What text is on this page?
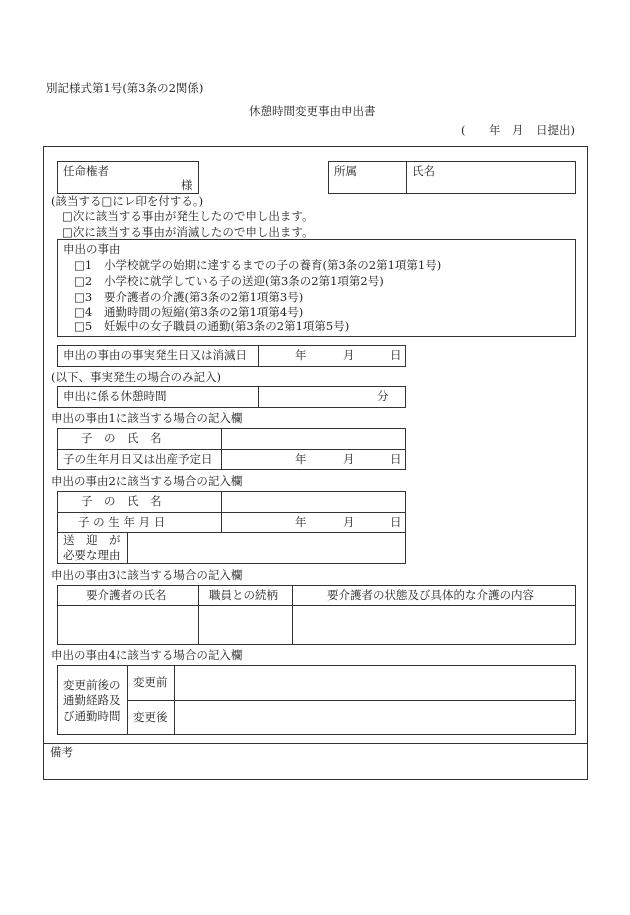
別記様式第1号(第3条の2関係)
休憩時間変更事由申出書
( 年 月 日提出)
任命権者
様
所属	氏名
(該当する□にレ印を付する。)
□次に該当する事由が発生したので申し出ます。
□次に該当する事由が消滅したので申し出ます。
申出の事由
□1 小学校就学の始期に達するまでの子の養育(第3条の2第1項第1号)
□2 小学校に就学している子の送迎(第3条の2第1項第2号)
□3 要介護者の介護(第3条の2第1項第3号)
□4 通勤時間の短縮(第3条の2第1項第4号)
□5 妊娠中の女子職員の通勤(第3条の2第1項第5号)
申出の事由の事実発生日又は消滅日	年	月	日
(以下、事実発生の場合のみ記入)
申出に係る休憩時間	分
申出の事由1に該当する場合の記入欄
子　の　氏　名
子の生年月日又は出産予定日	年	月	日
申出の事由2に該当する場合の記入欄
子　の　氏　名
子 の 生 年 月 日	年	月	日
送　迎　が
必要な理由
申出の事由3に該当する場合の記入欄
要介護者の氏名	職員との続柄	要介護者の状態及び具体的な介護の内容
申出の事由4に該当する場合の記入欄
変更前後の
通勤経路及
び通勤時間
変更前
変更後
備考
